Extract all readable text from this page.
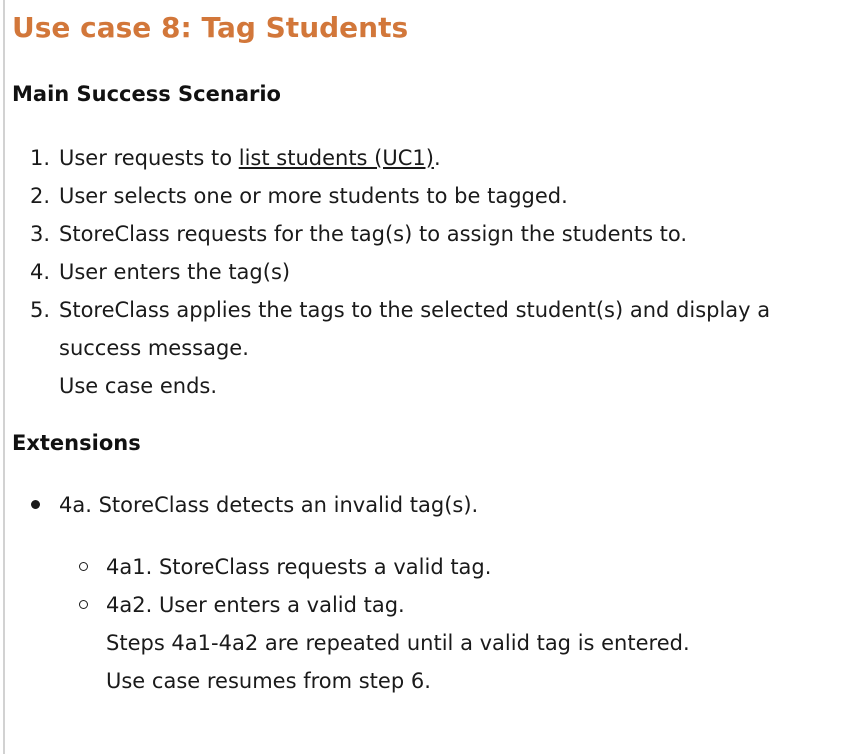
Use case 8: Tag Students
Main Success Scenario
1. User requests to list students (UC1).
2. User selects one or more students to be tagged.
3. StoreClass requests for the tag(s) to assign the students to.
4. User enters the tag(s)
5. StoreClass applies the tags to the selected student(s) and display a
success message.
Use case ends.
Extensions
4a. StoreClass detects an invalid tag(s).
4a1. StoreClass requests a valid tag.
4a2. User enters a valid tag.
Steps 4a1-4a2 are repeated until a valid tag is entered.
Use case resumes from step 6.
